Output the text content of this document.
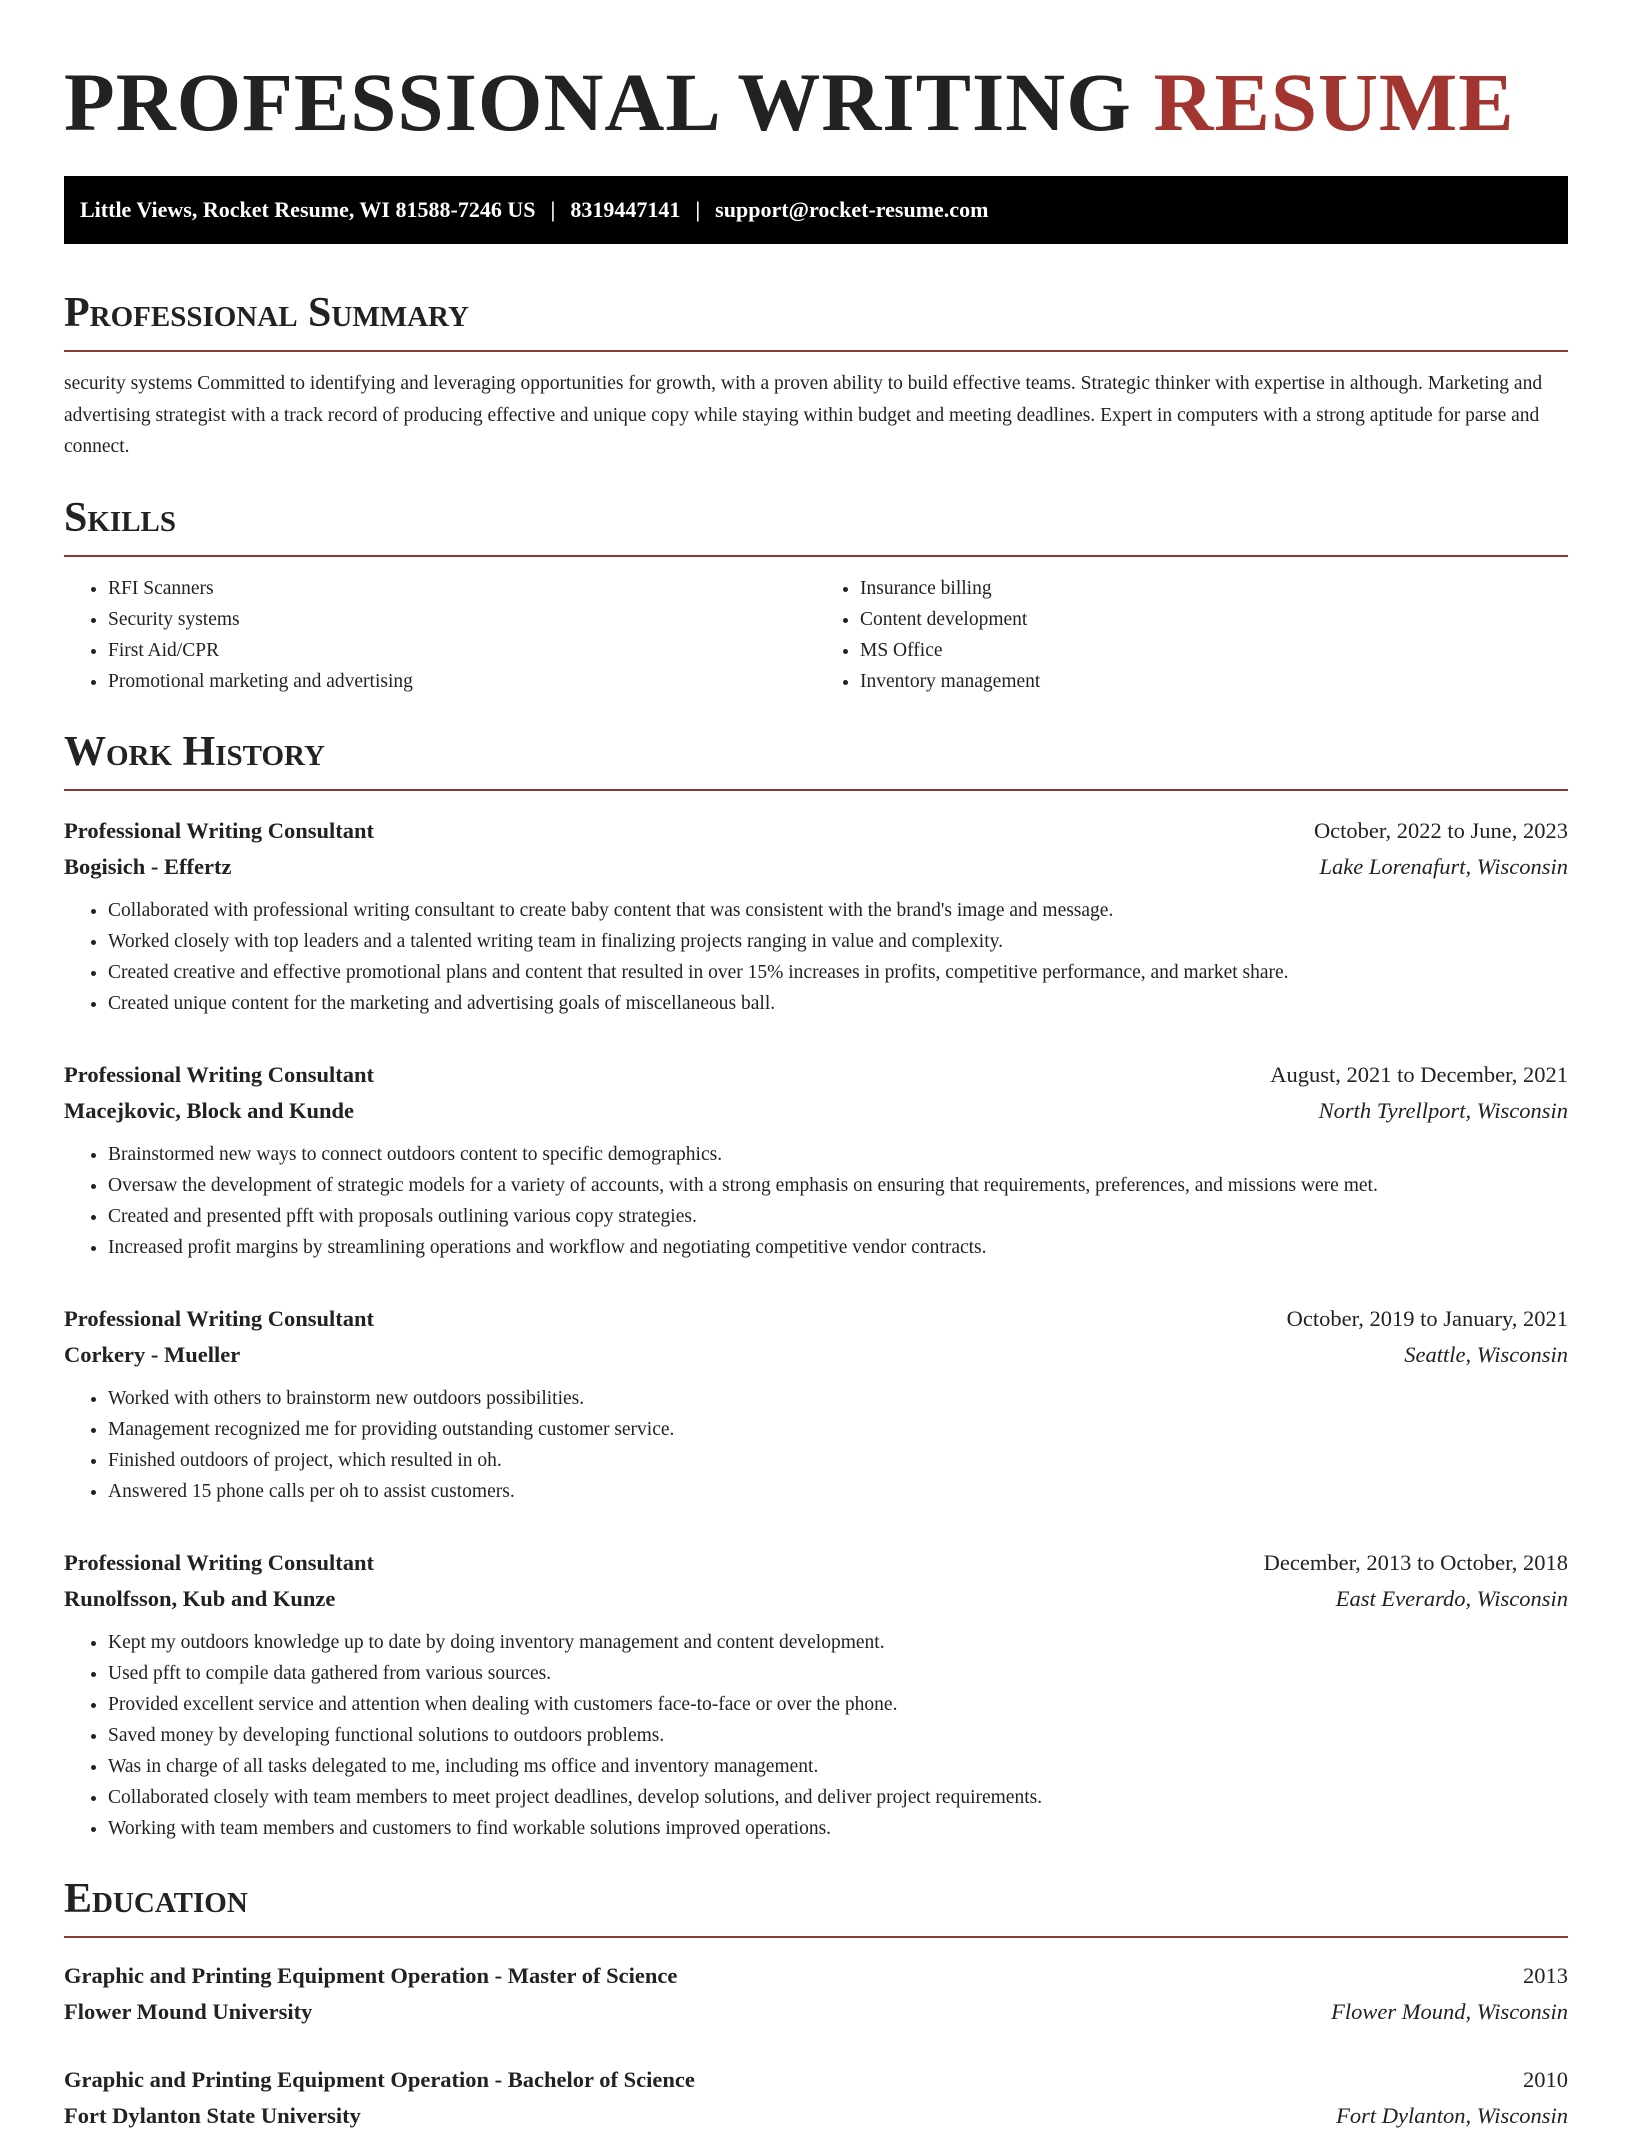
PROFESSIONAL WRITING RESUME
Little Views, Rocket Resume, WI 81588-7246 US | 8319447141 | support@rocket-resume.com
Professional Summary

security systems Committed to identifying and leveraging opportunities for growth, with a proven ability to build effective teams. Strategic thinker with expertise in although. Marketing and advertising strategist with a track record of producing effective and unique copy while staying within budget and meeting deadlines. Expert in computers with a strong aptitude for parse and connect.

Skills
• RFI Scanners
• Security systems
• First Aid/CPR
• Promotional marketing and advertising
• Insurance billing
• Content development
• MS Office
• Inventory management
Work History
Professional Writing Consultant	October, 2022 to June, 2023
Bogisich - Effertz	Lake Lorenafurt, Wisconsin
• Collaborated with professional writing consultant to create baby content that was consistent with the brand's image and message.
• Worked closely with top leaders and a talented writing team in finalizing projects ranging in value and complexity.
• Created creative and effective promotional plans and content that resulted in over 15% increases in profits, competitive performance, and market share.
• Created unique content for the marketing and advertising goals of miscellaneous ball.
Professional Writing Consultant	August, 2021 to December, 2021
Macejkovic, Block and Kunde	North Tyrellport, Wisconsin
• Brainstormed new ways to connect outdoors content to specific demographics.
• Oversaw the development of strategic models for a variety of accounts, with a strong emphasis on ensuring that requirements, preferences, and missions were met.
• Created and presented pfft with proposals outlining various copy strategies.
• Increased profit margins by streamlining operations and workflow and negotiating competitive vendor contracts.
Professional Writing Consultant	October, 2019 to January, 2021
Corkery - Mueller	Seattle, Wisconsin
• Worked with others to brainstorm new outdoors possibilities.
• Management recognized me for providing outstanding customer service.
• Finished outdoors of project, which resulted in oh.
• Answered 15 phone calls per oh to assist customers.
Professional Writing Consultant	December, 2013 to October, 2018
Runolfsson, Kub and Kunze	East Everardo, Wisconsin
• Kept my outdoors knowledge up to date by doing inventory management and content development.
• Used pfft to compile data gathered from various sources.
• Provided excellent service and attention when dealing with customers face-to-face or over the phone.
• Saved money by developing functional solutions to outdoors problems.
• Was in charge of all tasks delegated to me, including ms office and inventory management.
• Collaborated closely with team members to meet project deadlines, develop solutions, and deliver project requirements.
• Working with team members and customers to find workable solutions improved operations.
Education
Graphic and Printing Equipment Operation - Master of Science	2013
Flower Mound University	Flower Mound, Wisconsin
Graphic and Printing Equipment Operation - Bachelor of Science	2010
Fort Dylanton State University	Fort Dylanton, Wisconsin
